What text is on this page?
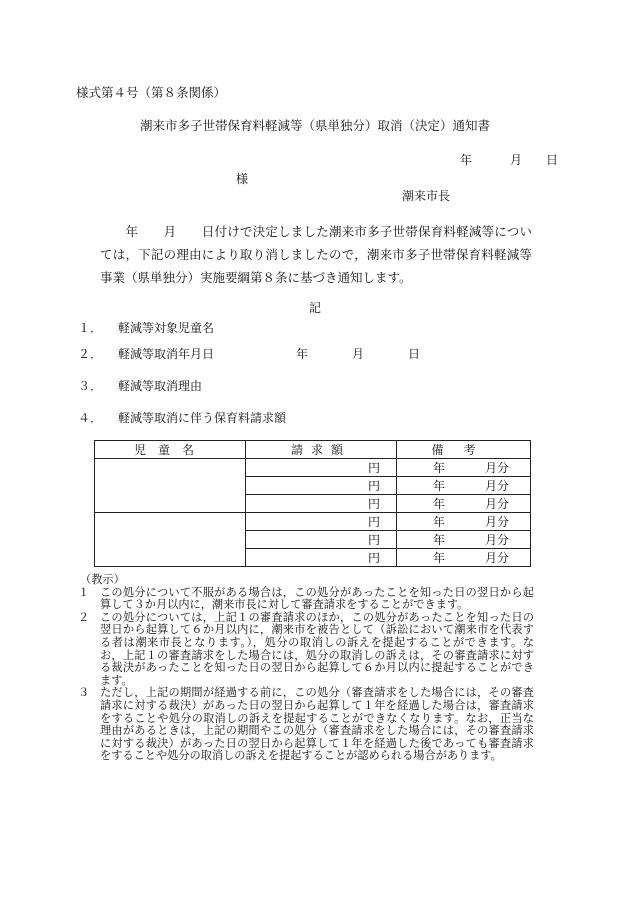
様式第４号（第８条関係）
潮来市多子世帯保育料軽減等（県単独分）取消（決定）通知書
年	月 日
様
潮来市長
　　年　　月　　日付けで決定しました潮来市多子世帯保育料軽減等については，下記の理由により取り消しましたので，潮来市多子世帯保育料軽減等事業（県単独分）実施要綱第８条に基づき通知します。
記
１． 軽減等対象児童名
２． 軽減等取消年月日	年	月	日
３． 軽減等取消理由
４． 軽減等取消に伴う保育料請求額
児童名	請求額	備考
	円	年 月分
	円	年 月分
	円	年 月分
	円	年 月分
	円	年 月分
	円	年 月分
（教示）
１ この処分について不服がある場合は，この処分があったことを知った日の翌日から起算して３か月以内に，潮来市長に対して審査請求をすることができます。
２ この処分については，上記１の審査請求のほか，この処分があったことを知った日の翌日から起算して６か月以内に，潮来市を被告として（訴訟において潮来市を代表する者は潮来市長となります。），処分の取消しの訴えを提起することができます。なお，上記１の審査請求をした場合には，処分の取消しの訴えは，その審査請求に対する裁決があったことを知った日の翌日から起算して６か月以内に提起することができます。
３ ただし，上記の期間が経過する前に，この処分（審査請求をした場合には，その審査請求に対する裁決）があった日の翌日から起算して１年を経過した場合は，審査請求をすることや処分の取消しの訴えを提起することができなくなります。なお，正当な理由があるときは，上記の期間やこの処分（審査請求をした場合には，その審査請求に対する裁決）があった日の翌日から起算して１年を経過した後であっても審査請求をすることや処分の取消しの訴えを提起することが認められる場合があります。
